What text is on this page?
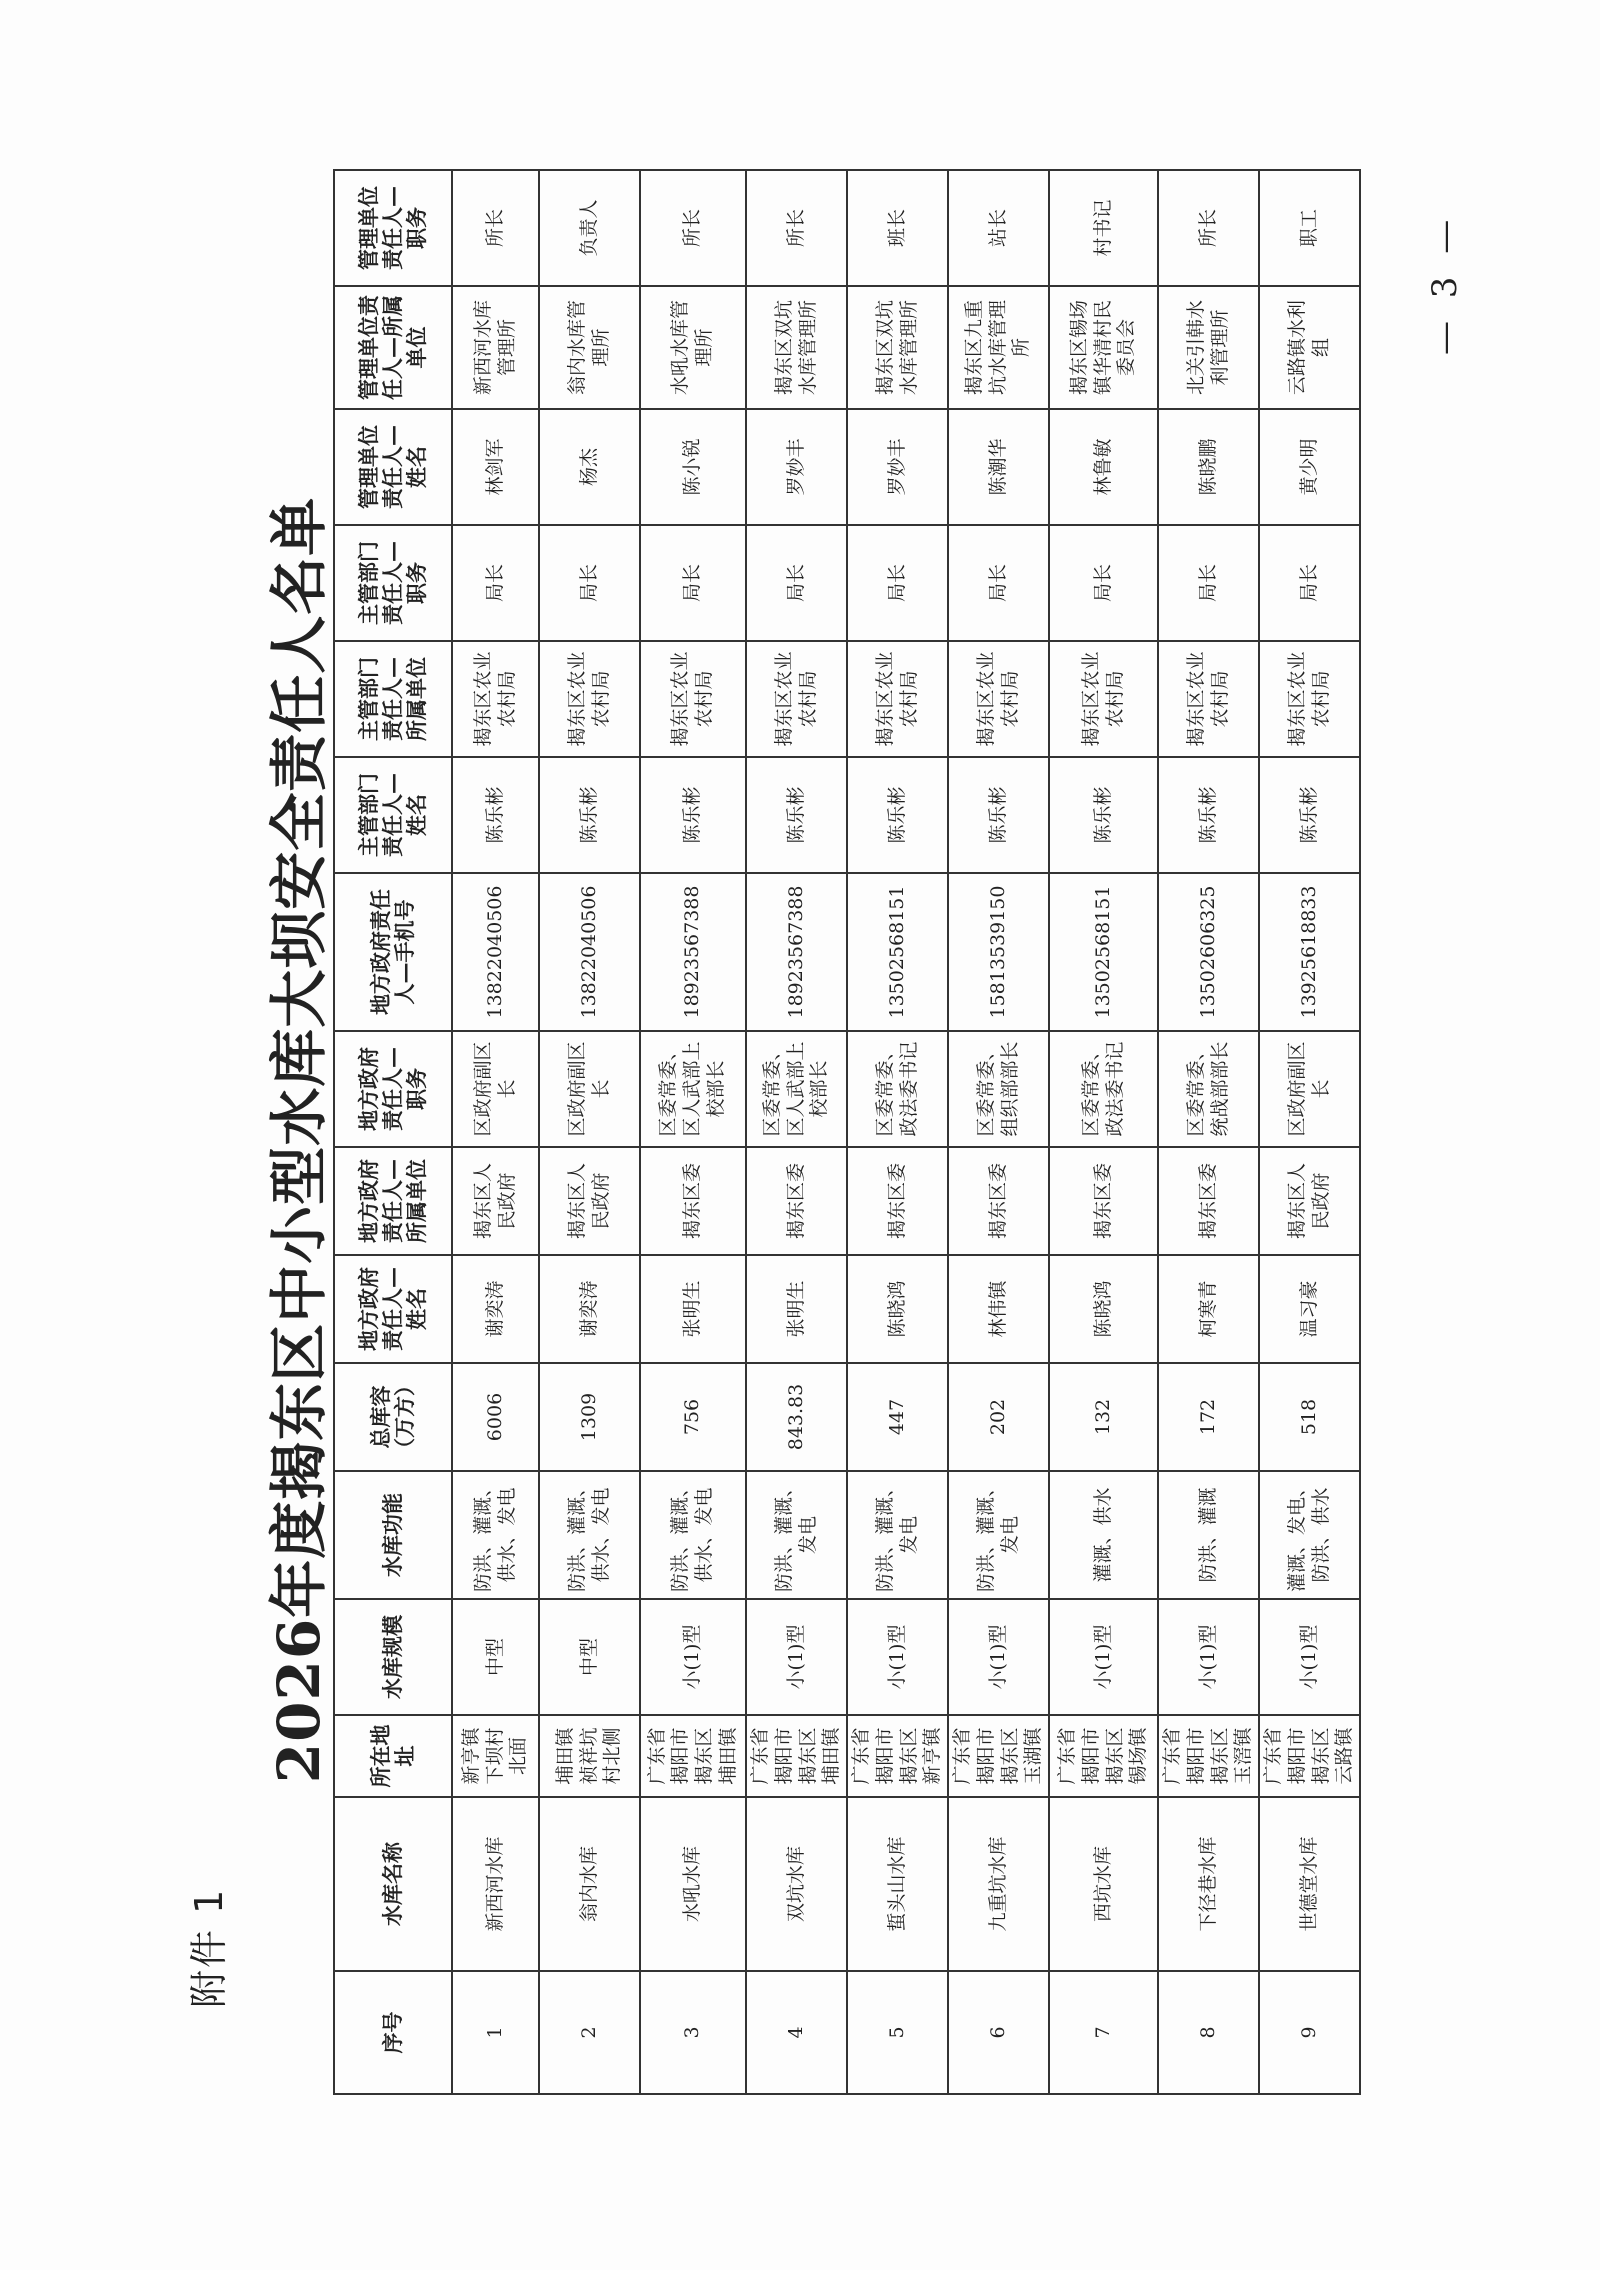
附件 1
2026年度揭东区中小型水库大坝安全责任人名单
序号	水库名称	所在地址	水库规模	水库功能	总库容（万方）	地方政府责任人—姓名	地方政府责任人—所属单位	地方政府责任人—职务	地方政府责任人—手机号	主管部门责任人—姓名	主管部门责任人—所属单位	主管部门责任人—职务	管理单位责任人—姓名	管理单位责任人—所属单位	管理单位责任人—职务
1	新西河水库	新亨镇下坝村北面	中型	防洪、灌溉、供水、发电	6006	谢奕涛	揭东区人民政府	区政府副区长	13822040506	陈乐彬	揭东区农业农村局	局长	林剑军	新西河水库管理所	所长
2	翁内水库	埔田镇祯祥坑村北侧	中型	防洪、灌溉、供水、发电	1309	谢奕涛	揭东区人民政府	区政府副区长	13822040506	陈乐彬	揭东区农业农村局	局长	杨杰	翁内水库管理所	负责人
3	水吼水库	广东省揭阳市揭东区埔田镇	小(1)型	防洪、灌溉、供水、发电	756	张明生	揭东区委	区委常委、区人武部上校部长	18923567388	陈乐彬	揭东区农业农村局	局长	陈小锐	水吼水库管理所	所长
4	双坑水库	广东省揭阳市揭东区埔田镇	小(1)型	防洪、灌溉、发电	843.83	张明生	揭东区委	区委常委、区人武部上校部长	18923567388	陈乐彬	揭东区农业农村局	局长	罗妙丰	揭东区双坑水库管理所	所长
5	蜇头山水库	广东省揭阳市揭东区新亨镇	小(1)型	防洪、灌溉、发电	447	陈晓鸿	揭东区委	区委常委、政法委书记	13502568151	陈乐彬	揭东区农业农村局	局长	罗妙丰	揭东区双坑水库管理所	班长
6	九重坑水库	广东省揭阳市揭东区玉湖镇	小(1)型	防洪、灌溉、发电	202	林伟镇	揭东区委	区委常委、组织部部长	15813539150	陈乐彬	揭东区农业农村局	局长	陈潮华	揭东区九重坑水库管理所	站长
7	西坑水库	广东省揭阳市揭东区锡场镇	小(1)型	灌溉、供水	132	陈晓鸿	揭东区委	区委常委、政法委书记	13502568151	陈乐彬	揭东区农业农村局	局长	林鲁敏	揭东区锡场镇华清村民委员会	村书记
8	下径巷水库	广东省揭阳市揭东区玉滘镇	小(1)型	防洪、灌溉	172	柯寒青	揭东区委	区委常委、统战部部长	13502606325	陈乐彬	揭东区农业农村局	局长	陈晓鹏	北关引韩水利管理所	所长
9	世德堂水库	广东省揭阳市揭东区云路镇	小(1)型	灌溉、发电、防洪、供水	518	温习豪	揭东区人民政府	区政府副区长	13925618833	陈乐彬	揭东区农业农村局	局长	黄少明	云路镇水利组	职工	— 3 —
